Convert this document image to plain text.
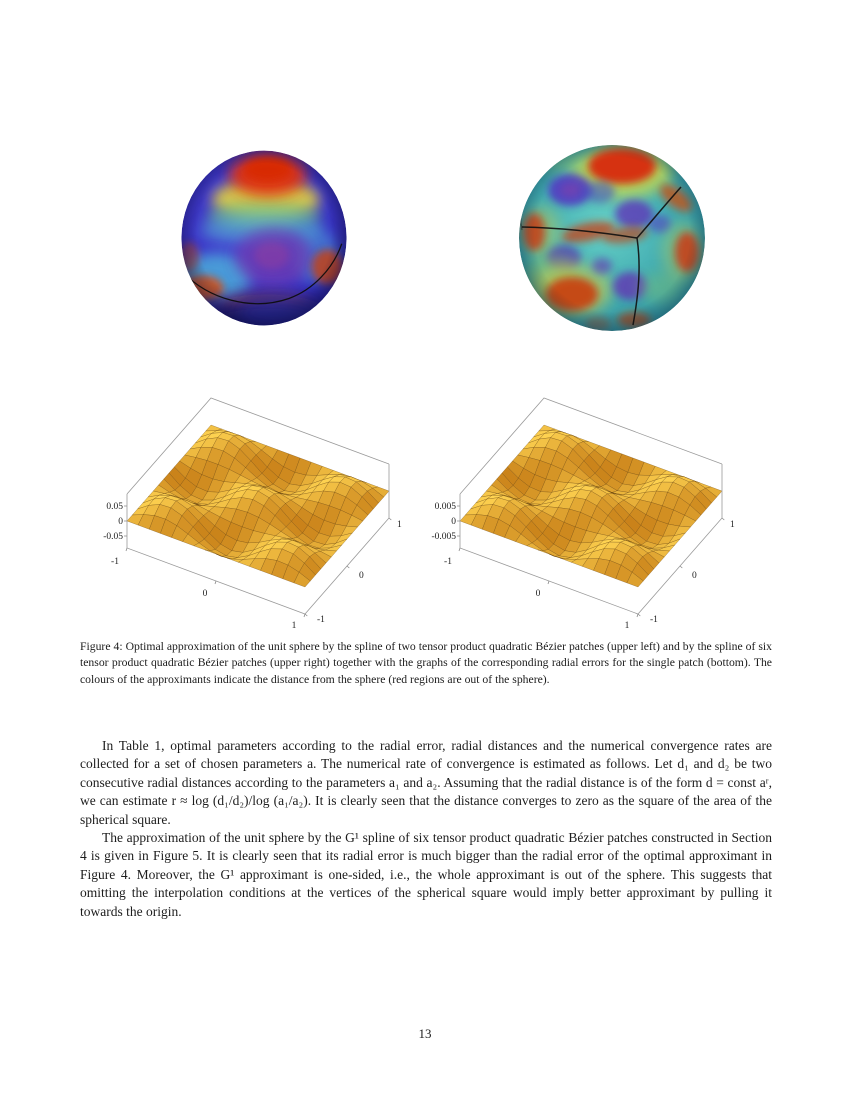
0.05
0
-0.05
-1
0
1
-1
0
1
0.005
0
-0.005
-1
0
1
-1
0
1
Figure 4: Optimal approximation of the unit sphere by the spline of two tensor product quadratic Bézier patches (upper left) and by the spline of six tensor product quadratic Bézier patches (upper right) together with the graphs of the corresponding radial errors for the single patch (bottom). The colours of the approximants indicate the distance from the sphere (red regions are out of the sphere).

In Table 1, optimal parameters according to the radial error, radial distances and the numerical convergence rates are collected for a set of chosen parameters a. The numerical rate of convergence is estimated as follows. Let d₁ and d₂ be two consecutive radial distances according to the parameters a₁ and a₂. Assuming that the radial distance is of the form d = const aʳ, we can estimate r ≈ log (d₁/d₂)/log (a₁/a₂). It is clearly seen that the distance converges to zero as the square of the area of the spherical square.

The approximation of the unit sphere by the G¹ spline of six tensor product quadratic Bézier patches constructed in Section 4 is given in Figure 5. It is clearly seen that its radial error is much bigger than the radial error of the optimal approximant in Figure 4. Moreover, the G¹ approximant is one-sided, i.e., the whole approximant is out of the sphere. This suggests that omitting the interpolation conditions at the vertices of the spherical square would imply better approximant by pulling it towards the origin.

13
